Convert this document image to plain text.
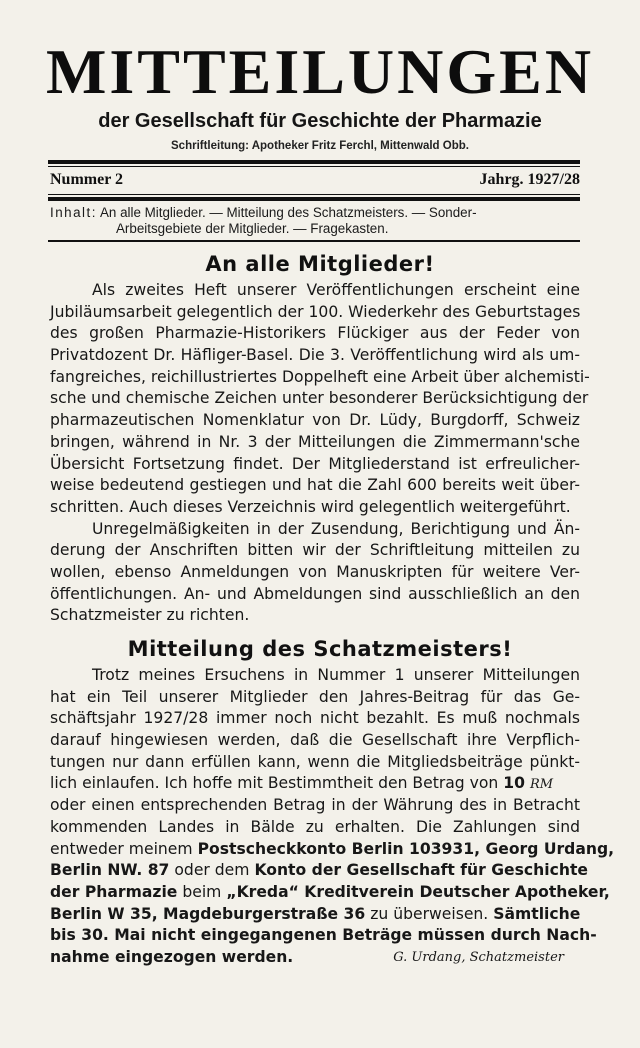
MITTEILUNGEN
der Gesellschaft für Geschichte der Pharmazie
Schriftleitung: Apotheker Fritz Ferchl, Mittenwald Obb.
Nummer 2	Jahrg. 1927/28
Inhalt: An alle Mitglieder. — Mitteilung des Schatzmeisters. — Sonder-
Arbeitsgebiete der Mitglieder. — Fragekasten.
An alle Mitglieder!
Als zweites Heft unserer Veröffentlichungen erscheint eine
Jubiläumsarbeit gelegentlich der 100. Wiederkehr des Geburtstages
des großen Pharmazie-Historikers Flückiger aus der Feder von
Privatdozent Dr. Häfliger-Basel. Die 3. Veröffentlichung wird als um-
fangreiches, reichillustriertes Doppelheft eine Arbeit über alchemisti-
sche und chemische Zeichen unter besonderer Berücksichtigung der
pharmazeutischen Nomenklatur von Dr. Lüdy, Burgdorff, Schweiz
bringen, während in Nr. 3 der Mitteilungen die Zimmermann'sche
Übersicht Fortsetzung findet. Der Mitgliederstand ist erfreulicher-
weise bedeutend gestiegen und hat die Zahl 600 bereits weit über-
schritten. Auch dieses Verzeichnis wird gelegentlich weitergeführt.
Unregelmäßigkeiten in der Zusendung, Berichtigung und Än-
derung der Anschriften bitten wir der Schriftleitung mitteilen zu
wollen, ebenso Anmeldungen von Manuskripten für weitere Ver-
öffentlichungen. An- und Abmeldungen sind ausschließlich an den
Schatzmeister zu richten.
Mitteilung des Schatzmeisters!
Trotz meines Ersuchens in Nummer 1 unserer Mitteilungen
hat ein Teil unserer Mitglieder den Jahres-Beitrag für das Ge-
schäftsjahr 1927/28 immer noch nicht bezahlt. Es muß nochmals
darauf hingewiesen werden, daß die Gesellschaft ihre Verpflich-
tungen nur dann erfüllen kann, wenn die Mitgliedsbeiträge pünkt-
lich einlaufen. Ich hoffe mit Bestimmtheit den Betrag von 10 RM
oder einen entsprechenden Betrag in der Währung des in Betracht
kommenden Landes in Bälde zu erhalten. Die Zahlungen sind
entweder meinem Postscheckkonto Berlin 103931, Georg Urdang,
Berlin NW. 87 oder dem Konto der Gesellschaft für Geschichte
der Pharmazie beim „Kreda“ Kreditverein Deutscher Apotheker,
Berlin W 35, Magdeburgerstraße 36 zu überweisen. Sämtliche
bis 30. Mai nicht eingegangenen Beträge müssen durch Nach-
nahme eingezogen werden.	G. Urdang, Schatzmeister
